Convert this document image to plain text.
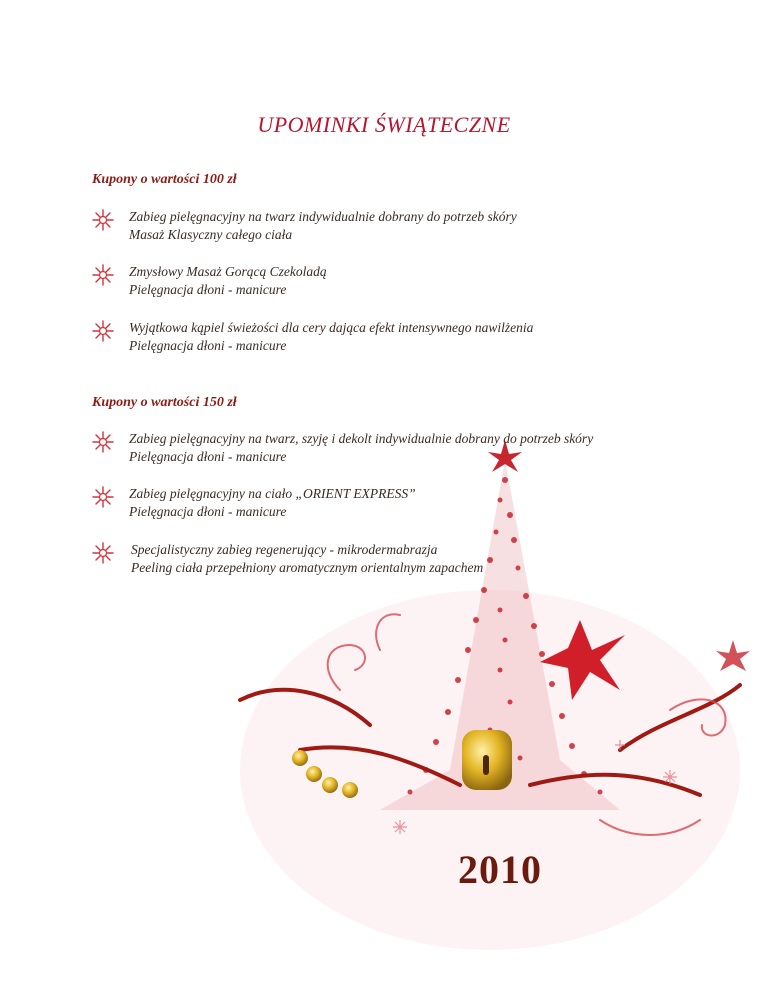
UPOMINKI ŚWIĄTECZNE
Kupony o wartości 100 zł
Zabieg pielęgnacyjny na twarz indywidualnie dobrany do potrzeb skóry
Masaż Klasyczny całego ciała
Zmysłowy Masaż Gorącą Czekoladą
Pielęgnacja dłoni - manicure
Wyjątkowa kąpiel świeżości dla cery dająca efekt intensywnego nawilżenia
Pielęgnacja dłoni - manicure
Kupony o wartości 150 zł
Zabieg pielęgnacyjny na twarz, szyję i dekolt indywidualnie dobrany do potrzeb skóry
Pielęgnacja dłoni - manicure
Zabieg pielęgnacyjny na ciało „ORIENT EXPRESS”
Pielęgnacja dłoni - manicure
Specjalistyczny zabieg regenerujący - mikrodermabrazja
Peeling ciała przepełniony aromatycznym orientalnym zapachem
2010
